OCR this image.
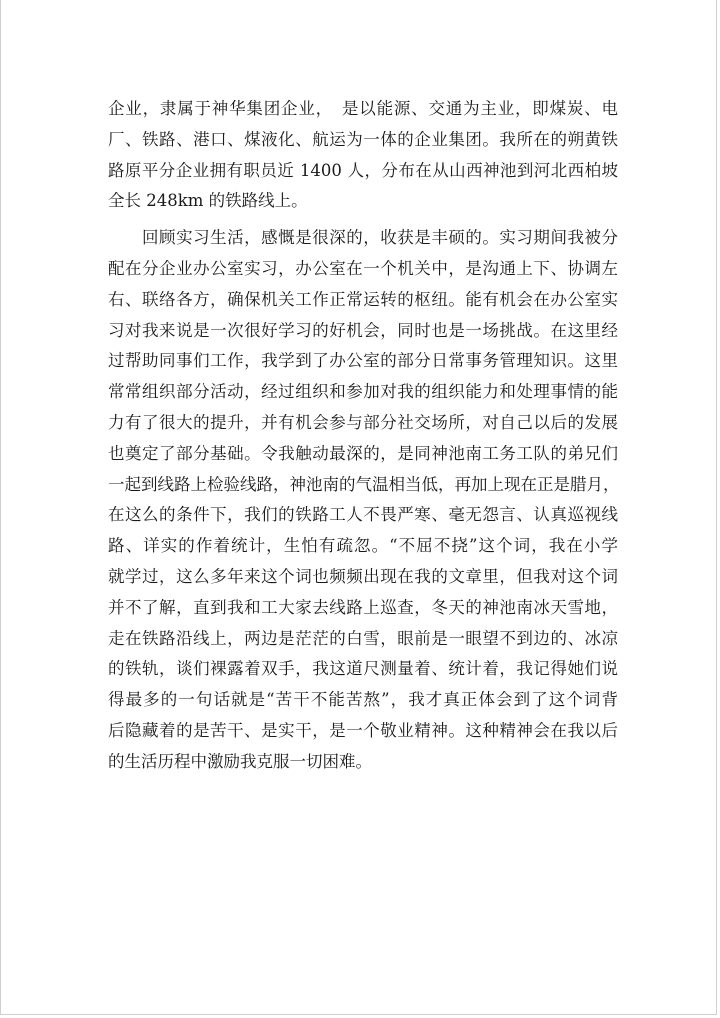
企业，隶属于神华集团企业，　是以能源、交通为主业，即煤炭、电
厂、铁路、港口、煤液化、航运为一体的企业集团。我所在的朔黄铁
路原平分企业拥有职员近 1400 人，分布在从山西神池到河北西柏坡
全长 248km 的铁路线上。
　　回顾实习生活，感慨是很深的，收获是丰硕的。实习期间我被分
配在分企业办公室实习，办公室在一个机关中，是沟通上下、协调左
右、联络各方，确保机关工作正常运转的枢纽。能有机会在办公室实
习对我来说是一次很好学习的好机会，同时也是一场挑战。在这里经
过帮助同事们工作，我学到了办公室的部分日常事务管理知识。这里
常常组织部分活动，经过组织和参加对我的组织能力和处理事情的能
力有了很大的提升，并有机会参与部分社交场所，对自己以后的发展
也奠定了部分基础。令我触动最深的，是同神池南工务工队的弟兄们
一起到线路上检验线路，神池南的气温相当低，再加上现在正是腊月，
在这么的条件下，我们的铁路工人不畏严寒、毫无怨言、认真巡视线
路、详实的作着统计，生怕有疏忽。“不屈不挠”这个词，我在小学
就学过，这么多年来这个词也频频出现在我的文章里，但我对这个词
并不了解，直到我和工大家去线路上巡查，冬天的神池南冰天雪地，
走在铁路沿线上，两边是茫茫的白雪，眼前是一眼望不到边的、冰凉
的铁轨，谈们裸露着双手，我这道尺测量着、统计着，我记得她们说
得最多的一句话就是“苦干不能苦熬”，我才真正体会到了这个词背
后隐藏着的是苦干、是实干，是一个敬业精神。这种精神会在我以后
的生活历程中激励我克服一切困难。
